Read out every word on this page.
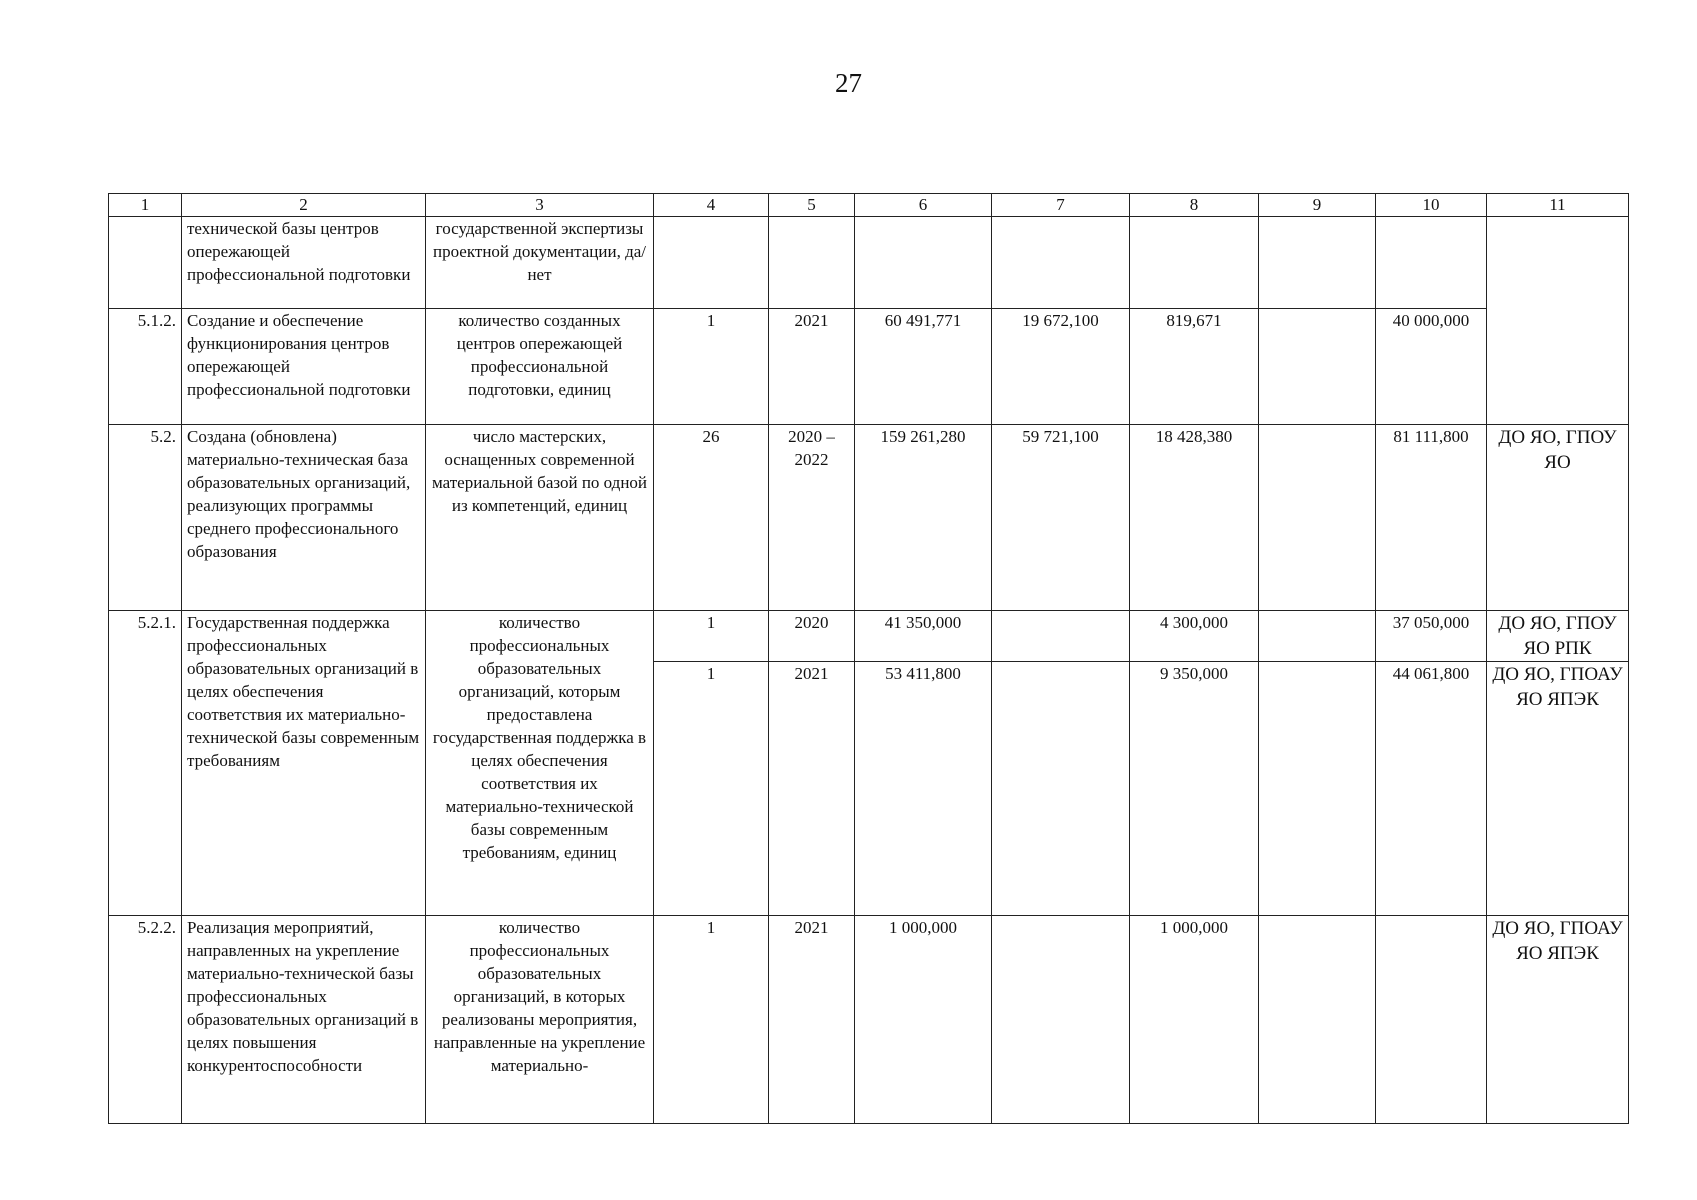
27
1	2	3	4	5	6	7	8	9	10	11
	технической базы центров опережающей профессиональной подготовки	государственной экспертизы проектной документации, да/нет								
5.1.2.	Создание и обеспечение функционирования центров опережающей профессиональной подготовки	количество созданных центров опережающей профессиональной подготовки, единиц	1	2021	60 491,771	19 672,100	819,671		40 000,000	
5.2.	Создана (обновлена) материально-техническая база образовательных организаций, реализующих программы среднего профессионального образования	число мастерских, оснащенных современной материальной базой по одной из компетенций, единиц	26	2020 – 2022	159 261,280	59 721,100	18 428,380		81 111,800	ДО ЯО, ГПОУ ЯО
5.2.1.	Государственная поддержка профессиональных образовательных организаций в целях обеспечения соответствия их материально-технической базы современным требованиям	количество профессиональных образовательных организаций, которым предоставлена государственная поддержка в целях обеспечения соответствия их материально-технической базы современным требованиям, единиц	1	2020	41 350,000		4 300,000		37 050,000	ДО ЯО, ГПОУ ЯО РПК
			1	2021	53 411,800		9 350,000		44 061,800	ДО ЯО, ГПОАУ ЯО ЯПЭК
5.2.2.	Реализация мероприятий, направленных на укрепление материально-технической базы профессиональных образовательных организаций в целях повышения конкурентоспособности	количество профессиональных образовательных организаций, в которых реализованы мероприятия, направленные на укрепление материально-	1	2021	1 000,000		1 000,000			ДО ЯО, ГПОАУ ЯО ЯПЭК
